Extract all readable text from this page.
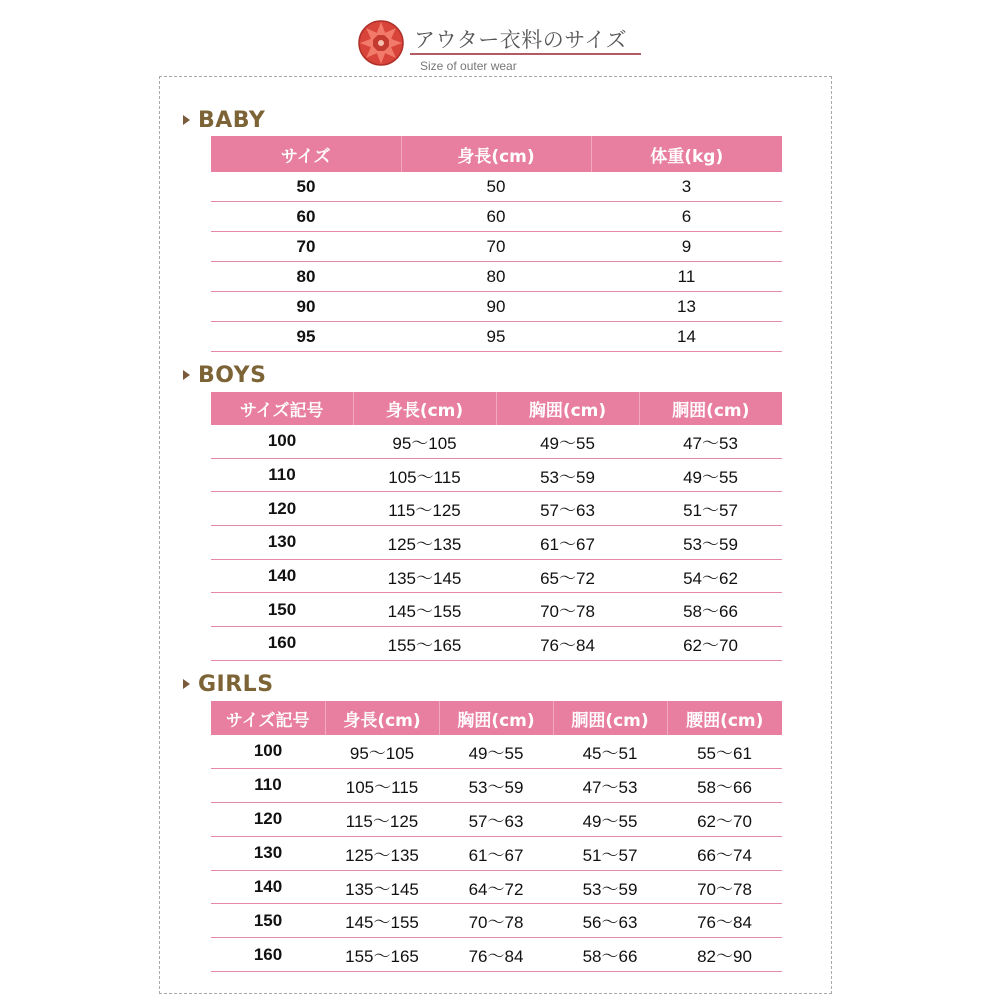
アウター衣料のサイズ
Size of outer wear
BABY
サイズ	身長(cm)	体重(kg)
50	50	3
60	60	6
70	70	9
80	80	11
90	90	13
95	95	14
BOYS
サイズ記号	身長(cm)	胸囲(cm)	胴囲(cm)
100	95～105	49～55	47～53
110	105～115	53～59	49～55
120	115～125	57～63	51～57
130	125～135	61～67	53～59
140	135～145	65～72	54～62
150	145～155	70～78	58～66
160	155～165	76～84	62～70
GIRLS
サイズ記号	身長(cm)	胸囲(cm)	胴囲(cm)	腰囲(cm)
100	95～105	49～55	45～51	55～61
110	105～115	53～59	47～53	58～66
120	115～125	57～63	49～55	62～70
130	125～135	61～67	51～57	66～74
140	135～145	64～72	53～59	70～78
150	145～155	70～78	56～63	76～84
160	155～165	76～84	58～66	82～90
